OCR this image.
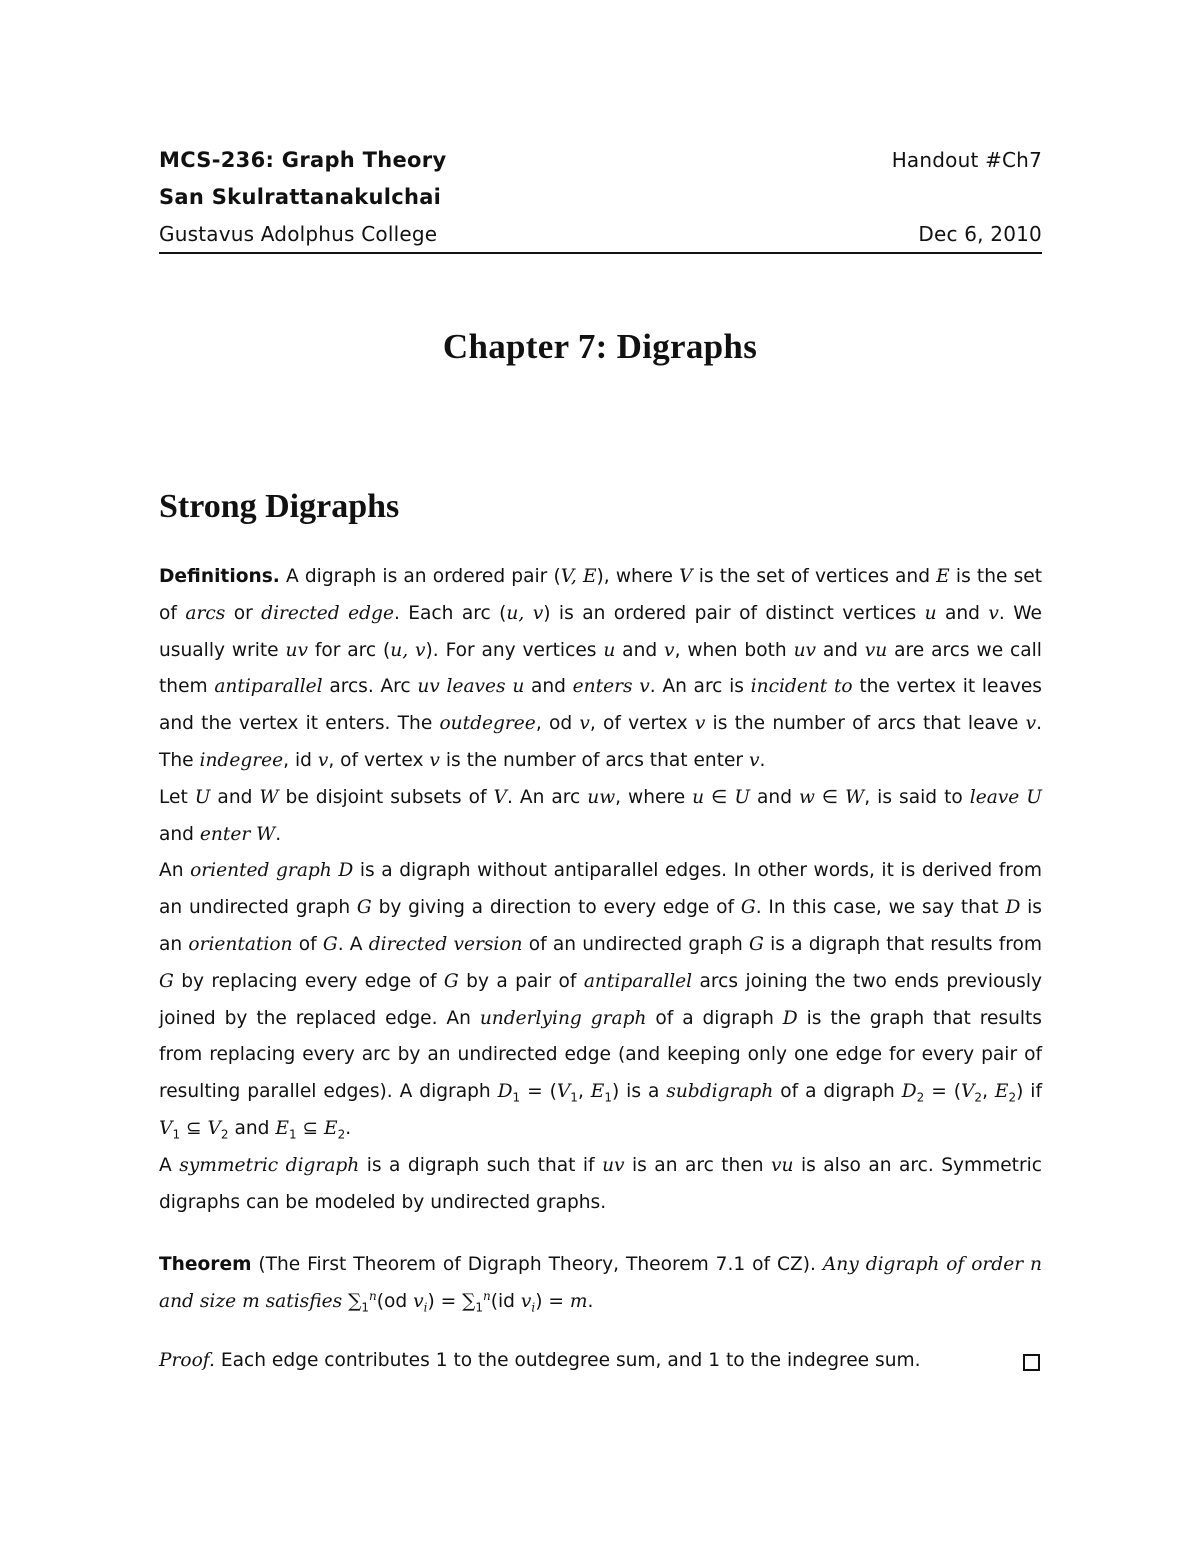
MCS-236: Graph Theory	Handout #Ch7
San Skulrattanakulchai
Gustavus Adolphus College	Dec 6, 2010
Chapter 7: Digraphs
Strong Digraphs

Definitions. A digraph is an ordered pair (V, E), where V is the set of vertices and E is the set of arcs or directed edge. Each arc (u, v) is an ordered pair of distinct vertices u and v. We usually write uv for arc (u, v). For any vertices u and v, when both uv and vu are arcs we call them antiparallel arcs. Arc uv leaves u and enters v. An arc is incident to the vertex it leaves and the vertex it enters. The outdegree, od v, of vertex v is the number of arcs that leave v. The indegree, id v, of vertex v is the number of arcs that enter v.

Let U and W be disjoint subsets of V. An arc uw, where u ∈ U and w ∈ W, is said to leave U and enter W.

An oriented graph D is a digraph without antiparallel edges. In other words, it is derived from an undirected graph G by giving a direction to every edge of G. In this case, we say that D is an orientation of G. A directed version of an undirected graph G is a digraph that results from G by replacing every edge of G by a pair of antiparallel arcs joining the two ends previously joined by the replaced edge. An underlying graph of a digraph D is the graph that results from replacing every arc by an undirected edge (and keeping only one edge for every pair of resulting parallel edges). A digraph $D_1 = (V_1$, $E_1$) is a subdigraph of a digraph $D_2 = (V_2$, $E_2$) if $V_1$ ⊆ $V_2$ and $E_1$ ⊆ $E_2$.

A symmetric digraph is a digraph such that if uv is an arc then vu is also an arc. Symmetric digraphs can be modeled by undirected graphs.

Theorem (The First Theorem of Digraph Theory, Theorem 7.1 of CZ). Any digraph of order n and size m satisfies $\sum_1^n(od$ $v_i) = \sum_1^n(id$ $v_i) = m$.

Proof. Each edge contributes 1 to the outdegree sum, and 1 to the indegree sum.
